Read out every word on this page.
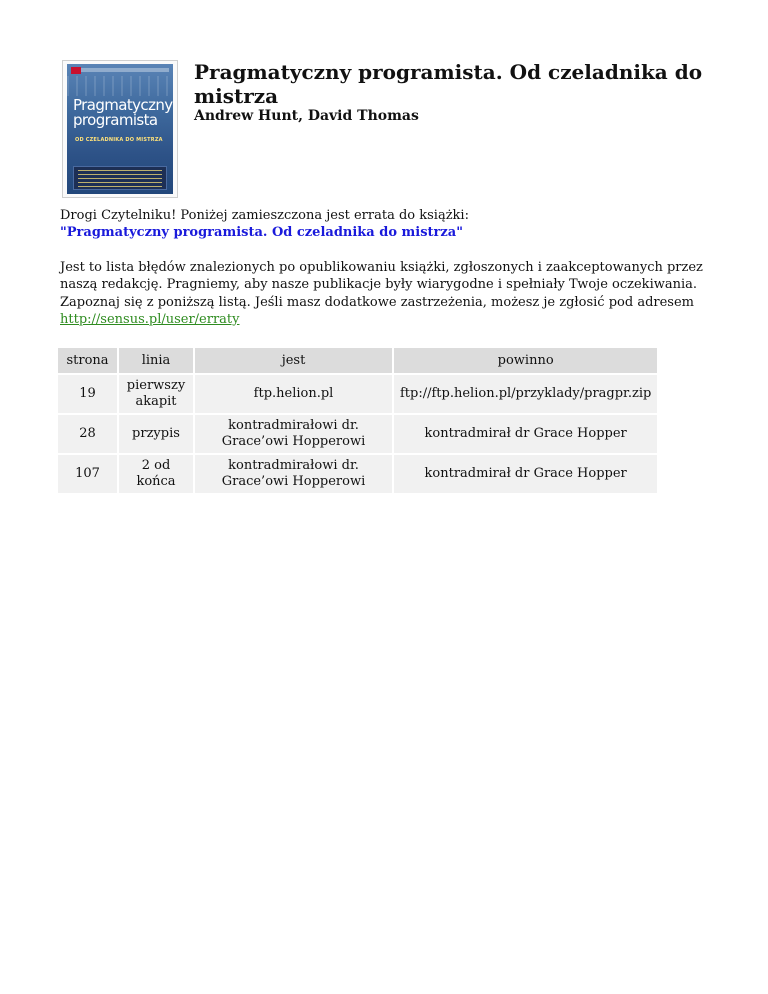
Pragmatyczny programista
OD CZELADNIKA DO MISTRZA
Pragmatyczny programista. Od czeladnika do mistrza

Andrew Hunt, David Thomas

Drogi Czytelniku! Poniżej zamieszczona jest errata do książki:

"Pragmatyczny programista. Od czeladnika do mistrza"

Jest to lista błędów znalezionych po opublikowaniu książki, zgłoszonych i zaakceptowanych przez
naszą redakcję. Pragniemy, aby nasze publikacje były wiarygodne i spełniały Twoje oczekiwania.
Zapoznaj się z poniższą listą. Jeśli masz dodatkowe zastrzeżenia, możesz je zgłosić pod adresem
http://sensus.pl/user/erraty

strona	linia	jest	powinno
19	pierwszy akapit	ftp.helion.pl	ftp://ftp.helion.pl/przyklady/pragpr.zip
28	przypis	kontradmirałowi dr. Grace’owi Hopperowi	kontradmirał dr Grace Hopper
107	2 od końca	kontradmirałowi dr. Grace’owi Hopperowi	kontradmirał dr Grace Hopper
